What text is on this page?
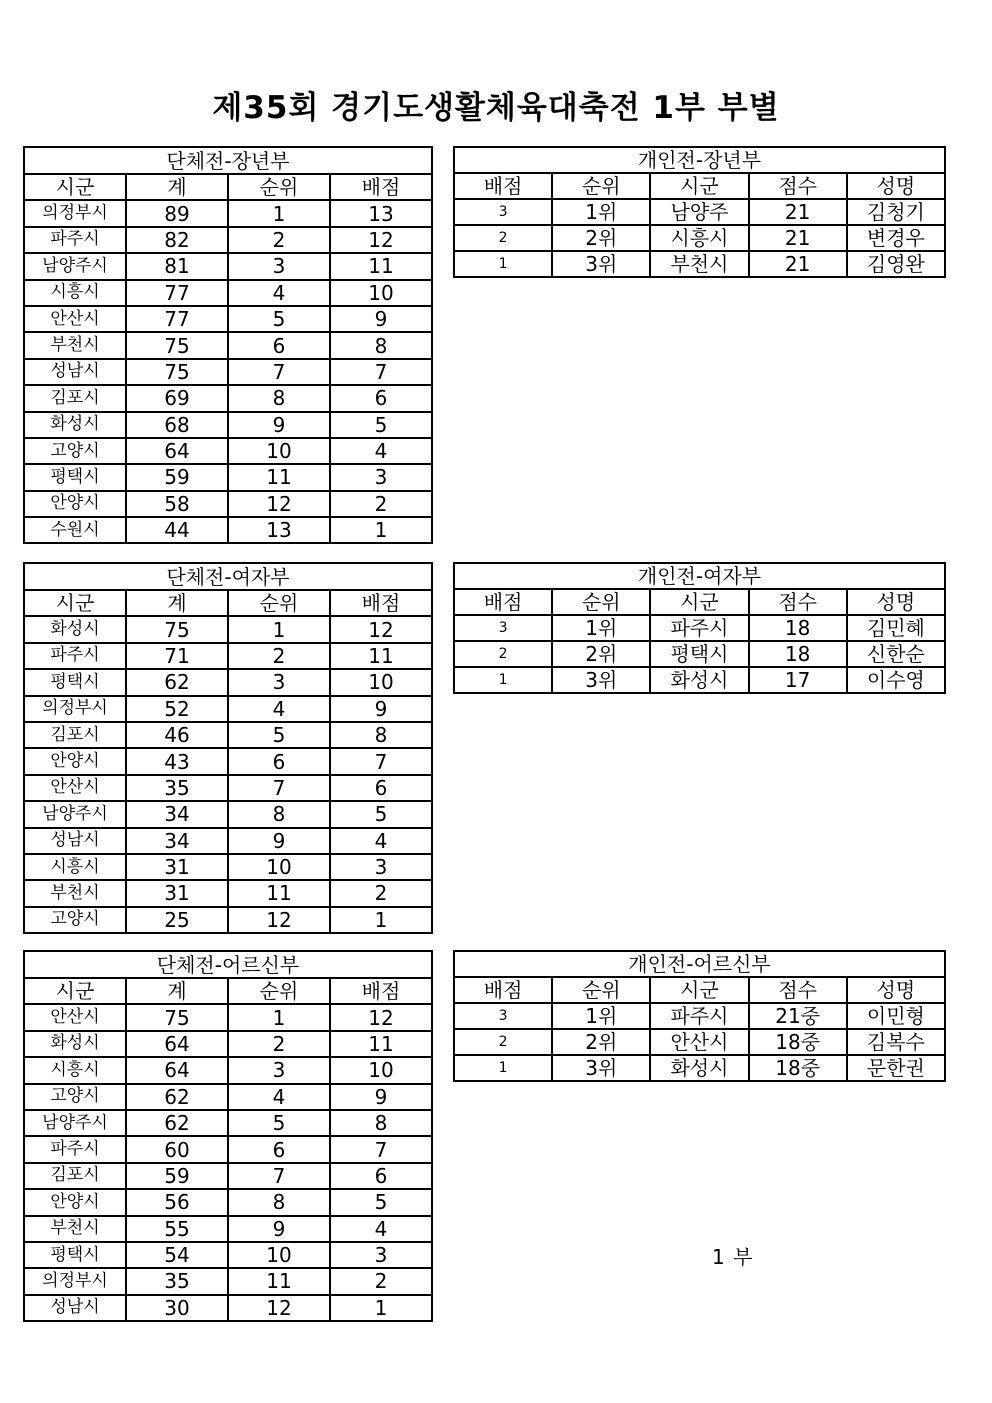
제35회 경기도생활체육대축전 1부 부별
단체전-장년부			
시군	계	순위	배점
의정부시	89	1	13
파주시	82	2	12
남양주시	81	3	11
시흥시	77	4	10
안산시	77	5	9
부천시	75	6	8
성남시	75	7	7
김포시	69	8	6
화성시	68	9	5
고양시	64	10	4
평택시	59	11	3
안양시	58	12	2
수원시	44	13	1
개인전-장년부				
배점	순위	시군	점수	성명
3	1위	남양주	21	김청기
2	2위	시흥시	21	변경우
1	3위	부천시	21	김영완
단체전-여자부			
시군	계	순위	배점
화성시	75	1	12
파주시	71	2	11
평택시	62	3	10
의정부시	52	4	9
김포시	46	5	8
안양시	43	6	7
안산시	35	7	6
남양주시	34	8	5
성남시	34	9	4
시흥시	31	10	3
부천시	31	11	2
고양시	25	12	1
개인전-여자부				
배점	순위	시군	점수	성명
3	1위	파주시	18	김민혜
2	2위	평택시	18	신한순
1	3위	화성시	17	이수영
단체전-어르신부			
시군	계	순위	배점
안산시	75	1	12
화성시	64	2	11
시흥시	64	3	10
고양시	62	4	9
남양주시	62	5	8
파주시	60	6	7
김포시	59	7	6
안양시	56	8	5
부천시	55	9	4
평택시	54	10	3
의정부시	35	11	2
성남시	30	12	1
개인전-어르신부				
배점	순위	시군	점수	성명
3	1위	파주시	21중	이민형
2	2위	안산시	18중	김복수
1	3위	화성시	18중	문한권
1 부
